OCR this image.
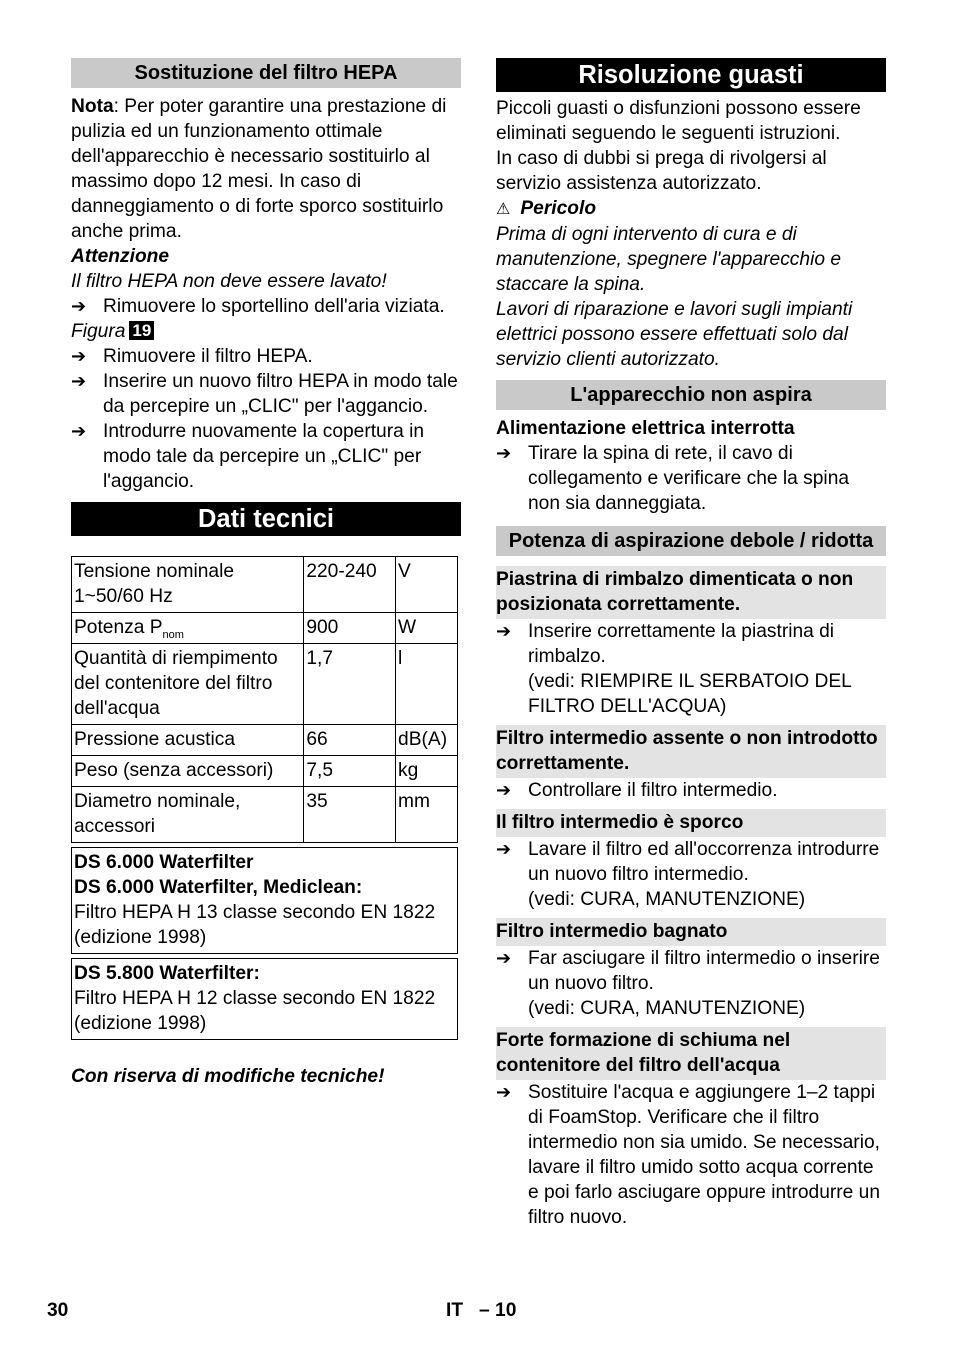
Sostituzione del filtro HEPA

Nota: Per poter garantire una prestazione di pulizia ed un funzionamento ottimale dell'apparecchio è necessario sostituirlo al massimo dopo 12 mesi. In caso di danneggiamento o di forte sporco sostituirlo anche prima.

Attenzione

Il filtro HEPA non deve essere lavato!

➔ Rimuovere lo sportellino dell'aria viziata.

Figura 19

➔ Rimuovere il filtro HEPA.
➔ Inserire un nuovo filtro HEPA in modo tale da percepire un „CLIC" per l'aggancio.
➔ Introdurre nuovamente la copertura in modo tale da percepire un „CLIC" per l'aggancio.
Dati tecnici
Tensione nominale 1~50/60 Hz	220-240	V
Potenza $P_{nom}$	900	W
Quantità di riempimento del contenitore del filtro dell'acqua	1,7	l
Pressione acustica	66	dB(A)
Peso (senza accessori)	7,5	kg
Diametro nominale, accessori	35	mm

DS 6.000 Waterfilter

DS 6.000 Waterfilter, Mediclean:

Filtro HEPA H 13 classe secondo EN 1822 (edizione 1998)

DS 5.800 Waterfilter:

Filtro HEPA H 12 classe secondo EN 1822 (edizione 1998)

Con riserva di modifiche tecniche!

Risoluzione guasti

Piccoli guasti o disfunzioni possono essere eliminati seguendo le seguenti istruzioni.

In caso di dubbi si prega di rivolgersi al servizio assistenza autorizzato.

⚠ Pericolo

Prima di ogni intervento di cura e di manutenzione, spegnere l'apparecchio e staccare la spina.

Lavori di riparazione e lavori sugli impianti elettrici possono essere effettuati solo dal servizio clienti autorizzato.

L'apparecchio non aspira

Alimentazione elettrica interrotta

➔ Tirare la spina di rete, il cavo di collegamento e verificare che la spina non sia danneggiata.
Potenza di aspirazione debole / ridotta
Piastrina di rimbalzo dimenticata o non posizionata correttamente.
➔ Inserire correttamente la piastrina di rimbalzo.
(vedi: RIEMPIRE IL SERBATOIO DEL FILTRO DELL'ACQUA)
Filtro intermedio assente o non introdotto correttamente.
➔ Controllare il filtro intermedio.
Il filtro intermedio è sporco
➔ Lavare il filtro ed all'occorrenza introdurre un nuovo filtro intermedio.
(vedi: CURA, MANUTENZIONE)
Filtro intermedio bagnato
➔ Far asciugare il filtro intermedio o inserire un nuovo filtro.
(vedi: CURA, MANUTENZIONE)
Forte formazione di schiuma nel contenitore del filtro dell'acqua
➔ Sostituire l'acqua e aggiungere 1–2 tappi di FoamStop. Verificare che il filtro intermedio non sia umido. Se necessario, lavare il filtro umido sotto acqua corrente e poi farlo asciugare oppure introdurre un filtro nuovo.
30	IT   – 10
